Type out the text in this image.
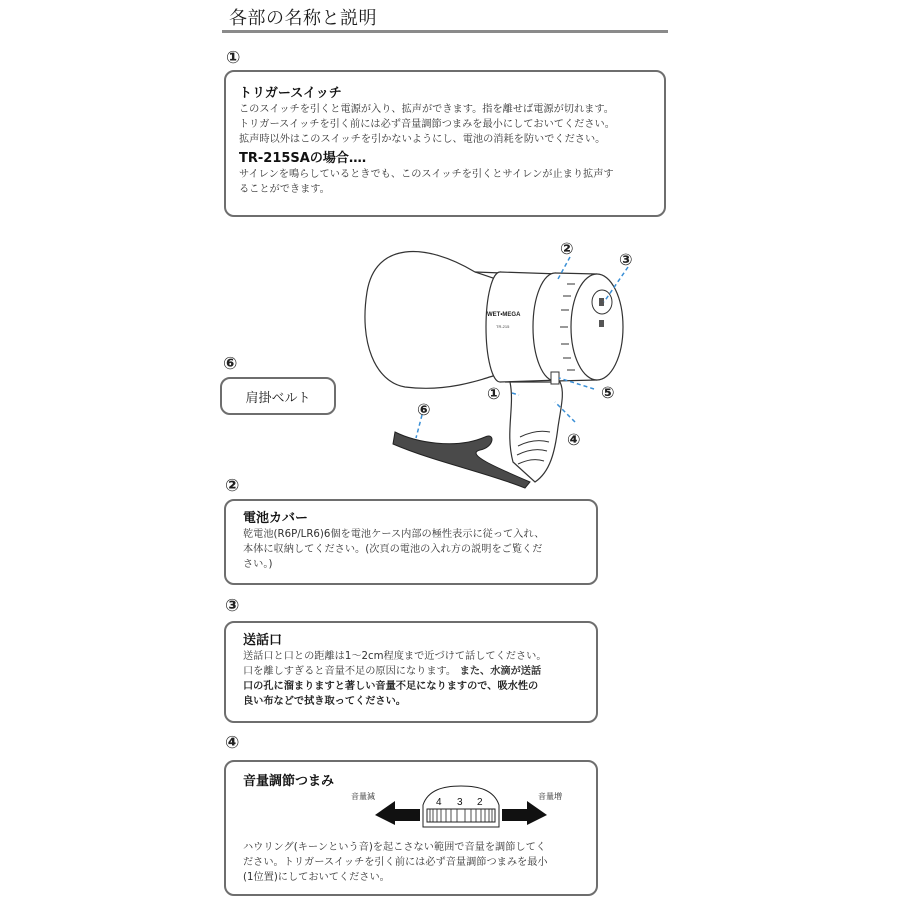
各部の名称と説明
①
トリガースイッチ

このスイッチを引くと電源が入り、拡声ができます。指を離せば電源が切れます。

トリガースイッチを引く前には必ず音量調節つまみを最小にしておいてください。

拡声時以外はこのスイッチを引かないようにし、電池の消耗を防いでください。

TR-215SAの場合‥‥

サイレンを鳴らしているときでも、このスイッチを引くとサイレンが止まり拡声す

ることができます。

⑥
肩掛ベルト
WET•MEGA
TR-215
②
③
⑤
④
①
⑥
②
電池カバー

乾電池(R6P/LR6)6個を電池ケース内部の極性表示に従って入れ、

本体に収納してください。(次頁の電池の入れ方の説明をご覧くだ

さい。)

③
送話口

送話口と口との距離は1〜2cm程度まで近づけて話してください。

口を離しすぎると音量不足の原因になります。 また、水滴が送話

口の孔に溜まりますと著しい音量不足になりますので、吸水性の

良い布などで拭き取ってください。

④
音量調節つまみ

ハウリング(キーンという音)を起こさない範囲で音量を調節してく

ださい。トリガースイッチを引く前には必ず音量調節つまみを最小

(1位置)にしておいてください。

音量減	音量増
4 3 2
